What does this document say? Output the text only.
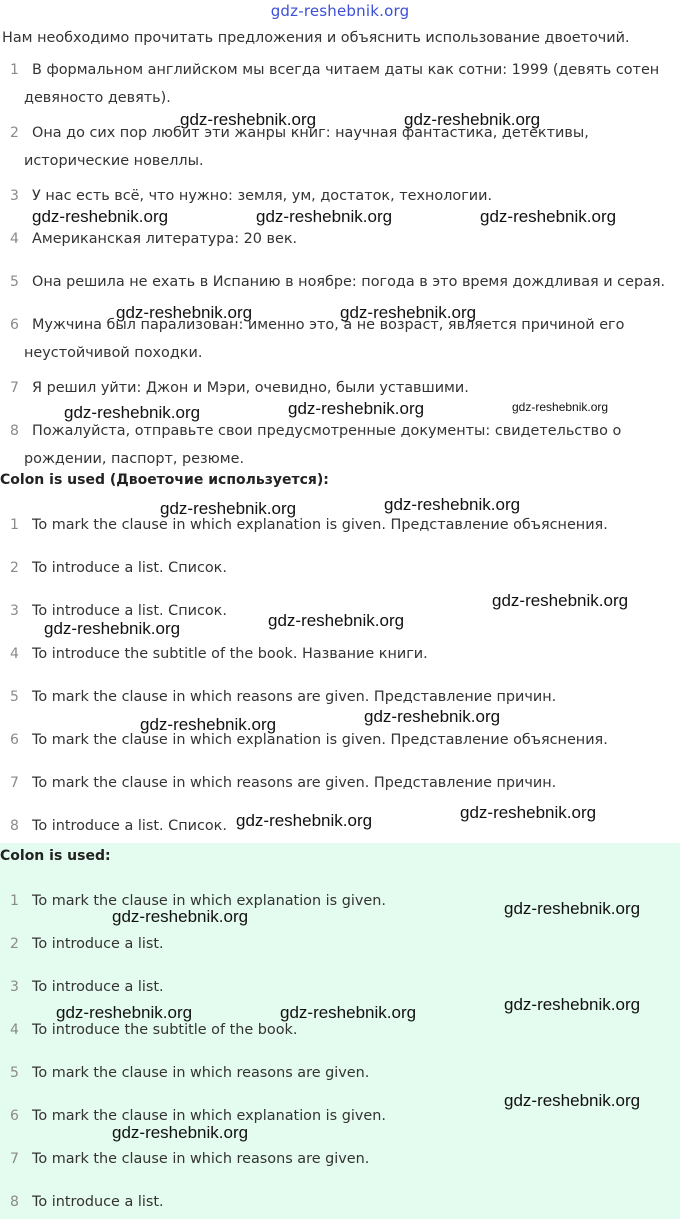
gdz-reshebnik.org
Нам необходимо прочитать предложения и объяснить использование двоеточий.
1 В формальном английском мы всегда читаем даты как сотни: 1999 (девять сотен
девяносто девять).
2 Она до сих пор любит эти жанры книг: научная фантастика, детективы,
исторические новеллы.
3 У нас есть всё, что нужно: земля, ум, достаток, технологии.
4 Американская литература: 20 век.
5 Она решила не ехать в Испанию в ноябре: погода в это время дождливая и серая.
6 Мужчина был парализован: именно это, а не возраст, является причиной его
неустойчивой походки.
7 Я решил уйти: Джон и Мэри, очевидно, были уставшими.
8 Пожалуйста, отправьте свои предусмотренные документы: свидетельство о
рождении, паспорт, резюме.
Colon is used (Двоеточие используется):
1 To mark the clause in which explanation is given. Представление объяснения.
2 To introduce a list. Список.
3 To introduce a list. Список.
4 To introduce the subtitle of the book. Название книги.
5 To mark the clause in which reasons are given. Представление причин.
6 To mark the clause in which explanation is given. Представление объяснения.
7 To mark the clause in which reasons are given. Представление причин.
8 To introduce a list. Список.
Colon is used:
1 To mark the clause in which explanation is given.
2 To introduce a list.
3 To introduce a list.
4 To introduce the subtitle of the book.
5 To mark the clause in which reasons are given.
6 To mark the clause in which explanation is given.
7 To mark the clause in which reasons are given.
8 To introduce a list.
gdz-reshebnik.org	gdz-reshebnik.org
gdz-reshebnik.org	gdz-reshebnik.org	gdz-reshebnik.org
gdz-reshebnik.org	gdz-reshebnik.org
gdz-reshebnik.org	gdz-reshebnik.org	gdz-reshebnik.org
gdz-reshebnik.org	gdz-reshebnik.org
gdz-reshebnik.org
gdz-reshebnik.org	gdz-reshebnik.org
gdz-reshebnik.org	gdz-reshebnik.org
gdz-reshebnik.org	gdz-reshebnik.org
gdz-reshebnik.org
gdz-reshebnik.org
gdz-reshebnik.org
gdz-reshebnik.org	gdz-reshebnik.org
gdz-reshebnik.org
gdz-reshebnik.org
